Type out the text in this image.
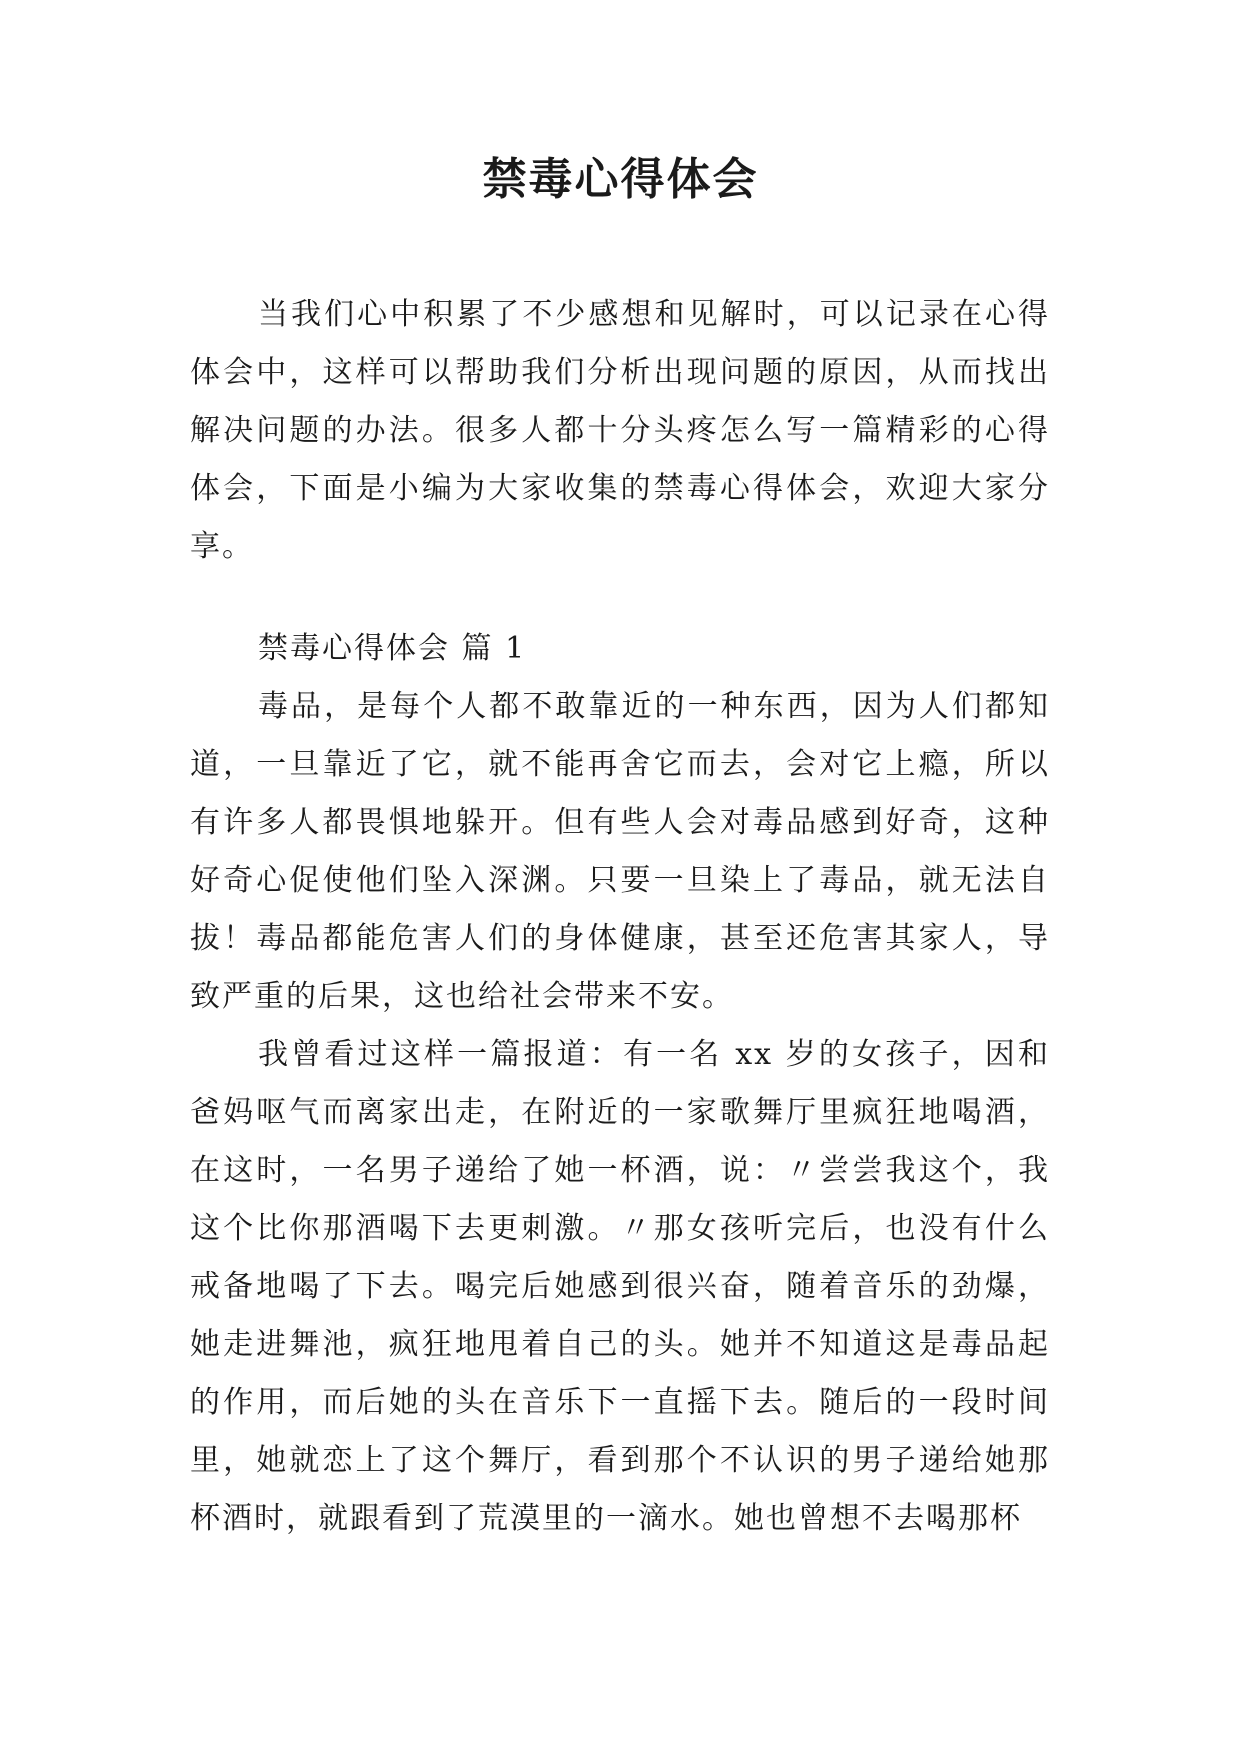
禁毒心得体会

当我们心中积累了不少感想和见解时，可以记录在心得体会中，这样可以帮助我们分析出现问题的原因，从而找出解决问题的办法。很多人都十分头疼怎么写一篇精彩的心得体会，下面是小编为大家收集的禁毒心得体会，欢迎大家分享。

禁毒心得体会 篇 1

毒品，是每个人都不敢靠近的一种东西，因为人们都知道，一旦靠近了它，就不能再舍它而去，会对它上瘾，所以有许多人都畏惧地躲开。但有些人会对毒品感到好奇，这种好奇心促使他们坠入深渊。只要一旦染上了毒品，就无法自拔！毒品都能危害人们的身体健康，甚至还危害其家人，导致严重的后果，这也给社会带来不安。

我曾看过这样一篇报道：有一名 xx 岁的女孩子，因和爸妈呕气而离家出走，在附近的一家歌舞厅里疯狂地喝酒，在这时，一名男子递给了她一杯酒，说：〃尝尝我这个，我这个比你那酒喝下去更刺激。〃那女孩听完后，也没有什么戒备地喝了下去。喝完后她感到很兴奋，随着音乐的劲爆，她走进舞池，疯狂地甩着自己的头。她并不知道这是毒品起的作用，而后她的头在音乐下一直摇下去。随后的一段时间里，她就恋上了这个舞厅，看到那个不认识的男子递给她那杯酒时，就跟看到了荒漠里的一滴水。她也曾想不去喝那杯
